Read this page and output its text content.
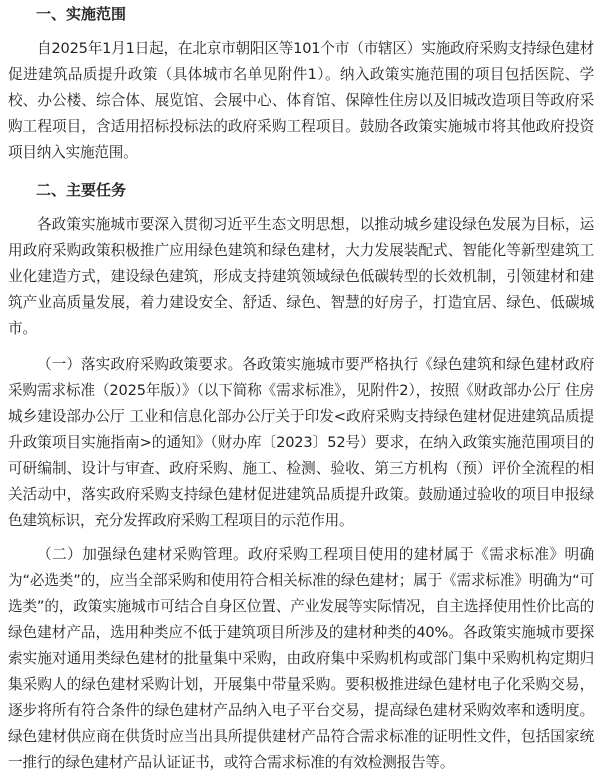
一、实施范围

自2025年1月1日起，在北京市朝阳区等101个市（市辖区）实施政府采购支持绿色建材促进建筑品质提升政策（具体城市名单见附件1）。纳入政策实施范围的项目包括医院、学校、办公楼、综合体、展览馆、会展中心、体育馆、保障性住房以及旧城改造项目等政府采购工程项目，含适用招标投标法的政府采购工程项目。鼓励各政策实施城市将其他政府投资项目纳入实施范围。

二、主要任务

各政策实施城市要深入贯彻习近平生态文明思想，以推动城乡建设绿色发展为目标，运用政府采购政策积极推广应用绿色建筑和绿色建材，大力发展装配式、智能化等新型建筑工业化建造方式，建设绿色建筑，形成支持建筑领域绿色低碳转型的长效机制，引领建材和建筑产业高质量发展，着力建设安全、舒适、绿色、智慧的好房子，打造宜居、绿色、低碳城市。

（一）落实政府采购政策要求。各政策实施城市要严格执行《绿色建筑和绿色建材政府采购需求标准（2025年版）》（以下简称《需求标准》，见附件2），按照《财政部办公厅 住房城乡建设部办公厅 工业和信息化部办公厅关于印发<政府采购支持绿色建材促进建筑品质提升政策项目实施指南>的通知》（财办库〔2023〕52号）要求，在纳入政策实施范围项目的可研编制、设计与审查、政府采购、施工、检测、验收、第三方机构（预）评价全流程的相关活动中，落实政府采购支持绿色建材促进建筑品质提升政策。鼓励通过验收的项目申报绿色建筑标识，充分发挥政府采购工程项目的示范作用。

（二）加强绿色建材采购管理。政府采购工程项目使用的建材属于《需求标准》明确为“必选类”的，应当全部采购和使用符合相关标准的绿色建材；属于《需求标准》明确为“可选类”的，政策实施城市可结合自身区位置、产业发展等实际情况，自主选择使用性价比高的绿色建材产品，选用种类应不低于建筑项目所涉及的建材种类的40%。各政策实施城市要探索实施对通用类绿色建材的批量集中采购，由政府集中采购机构或部门集中采购机构定期归集采购人的绿色建材采购计划，开展集中带量采购。要积极推进绿色建材电子化采购交易，逐步将所有符合条件的绿色建材产品纳入电子平台交易，提高绿色建材采购效率和透明度。绿色建材供应商在供货时应当出具所提供建材产品符合需求标准的证明性文件，包括国家统一推行的绿色建材产品认证证书，或符合需求标准的有效检测报告等。
